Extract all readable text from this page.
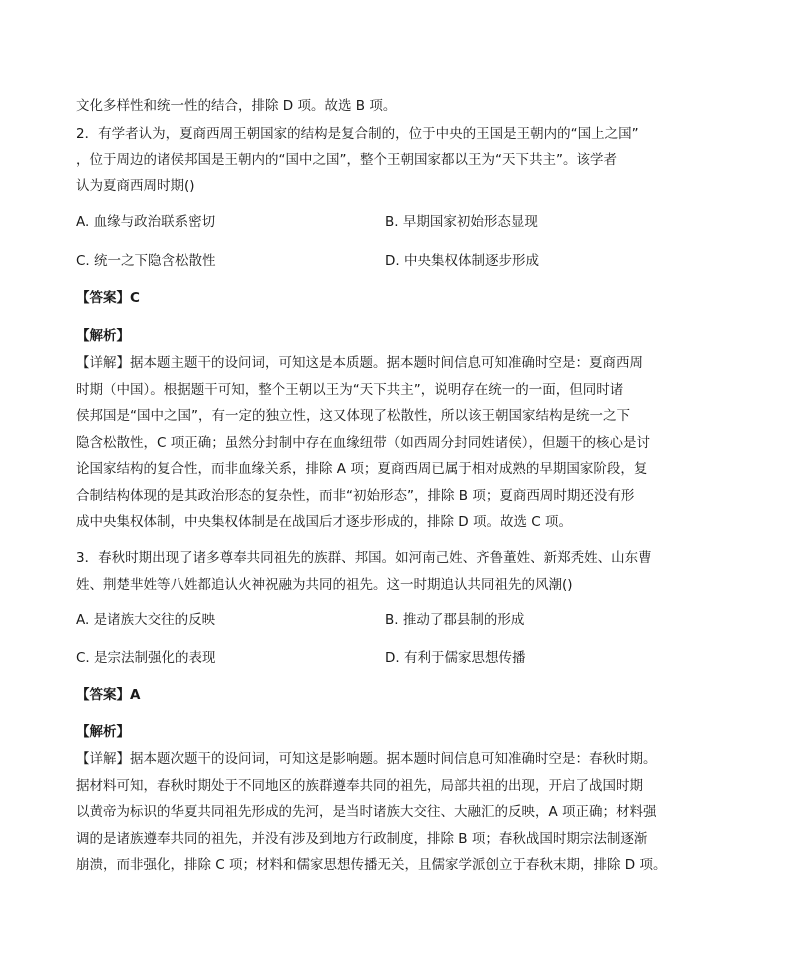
文化多样性和统一性的结合，排除 D 项。故选 B 项。
2．有学者认为，夏商西周王朝国家的结构是复合制的，位于中央的王国是王朝内的“国上之国”
，位于周边的诸侯邦国是王朝内的“国中之国”，整个王朝国家都以王为“天下共主”。该学者
认为夏商西周时期()
A. 血缘与政治联系密切	B. 早期国家初始形态显现
C. 统一之下隐含松散性	D. 中央集权体制逐步形成
【答案】C
【解析】
【详解】据本题主题干的设问词，可知这是本质题。据本题时间信息可知准确时空是：夏商西周
时期（中国）。根据题干可知，整个王朝以王为“天下共主”，说明存在统一的一面，但同时诸
侯邦国是“国中之国”，有一定的独立性，这又体现了松散性，所以该王朝国家结构是统一之下
隐含松散性，C 项正确；虽然分封制中存在血缘纽带（如西周分封同姓诸侯），但题干的核心是讨
论国家结构的复合性，而非血缘关系，排除 A 项；夏商西周已属于相对成熟的早期国家阶段，复
合制结构体现的是其政治形态的复杂性，而非“初始形态”，排除 B 项；夏商西周时期还没有形
成中央集权体制，中央集权体制是在战国后才逐步形成的，排除 D 项。故选 C 项。
3．春秋时期出现了诸多尊奉共同祖先的族群、邦国。如河南己姓、齐鲁董姓、新郑秃姓、山东曹
姓、荆楚芈姓等八姓都追认火神祝融为共同的祖先。这一时期追认共同祖先的风潮()
A. 是诸族大交往的反映	B. 推动了郡县制的形成
C. 是宗法制强化的表现	D. 有利于儒家思想传播
【答案】A
【解析】
【详解】据本题次题干的设问词，可知这是影响题。据本题时间信息可知准确时空是：春秋时期。
据材料可知，春秋时期处于不同地区的族群遵奉共同的祖先，局部共祖的出现，开启了战国时期
以黄帝为标识的华夏共同祖先形成的先河，是当时诸族大交往、大融汇的反映，A 项正确；材料强
调的是诸族遵奉共同的祖先，并没有涉及到地方行政制度，排除 B 项；春秋战国时期宗法制逐渐
崩溃，而非强化，排除 C 项；材料和儒家思想传播无关，且儒家学派创立于春秋末期，排除 D 项。
